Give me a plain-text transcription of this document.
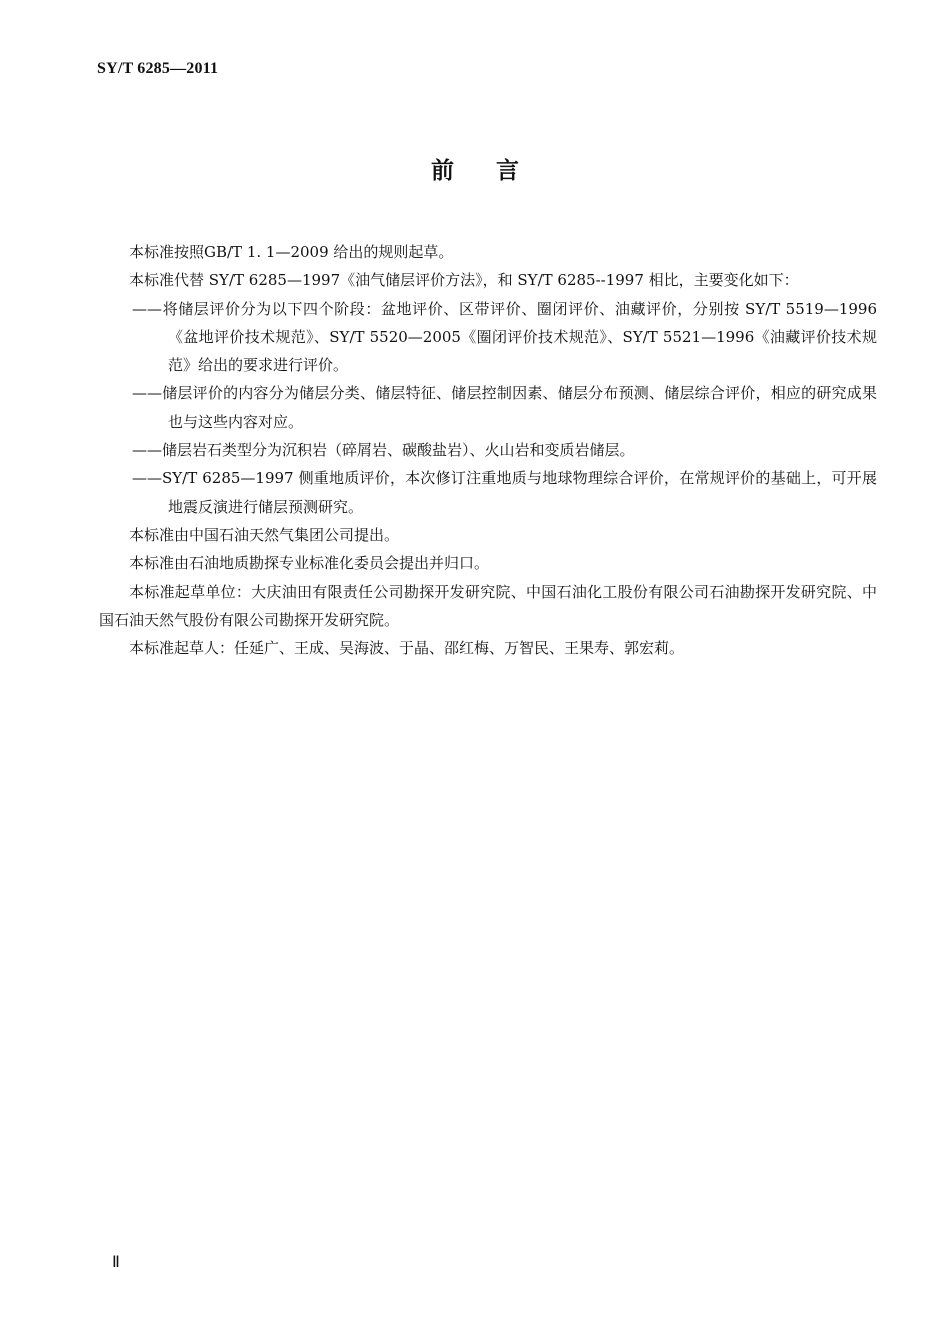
SY/T 6285—2011
前言

本标准按照GB/T 1. 1—2009 给出的规则起草。

本标准代替 SY/T 6285—1997《油气储层评价方法》，和 SY/T 6285--1997 相比，主要变化如下：

——将储层评价分为以下四个阶段：盆地评价、区带评价、圈闭评价、油藏评价，分别按 SY/T 5519—1996《盆地评价技术规范》、SY/T 5520—2005《圈闭评价技术规范》、SY/T 5521—1996《油藏评价技术规范》给出的要求进行评价。

——储层评价的内容分为储层分类、储层特征、储层控制因素、储层分布预测、储层综合评价，相应的研究成果也与这些内容对应。

——储层岩石类型分为沉积岩（碎屑岩、碳酸盐岩）、火山岩和变质岩储层。

——SY/T 6285—1997 侧重地质评价，本次修订注重地质与地球物理综合评价，在常规评价的基础上，可开展地震反演进行储层预测研究。

本标准由中国石油天然气集团公司提出。

本标准由石油地质勘探专业标准化委员会提出并归口。

本标准起草单位：大庆油田有限责任公司勘探开发研究院、中国石油化工股份有限公司石油勘探开发研究院、中国石油天然气股份有限公司勘探开发研究院。

本标准起草人：任延广、王成、吴海波、于晶、邵红梅、万智民、王果寿、郭宏莉。

Ⅱ
